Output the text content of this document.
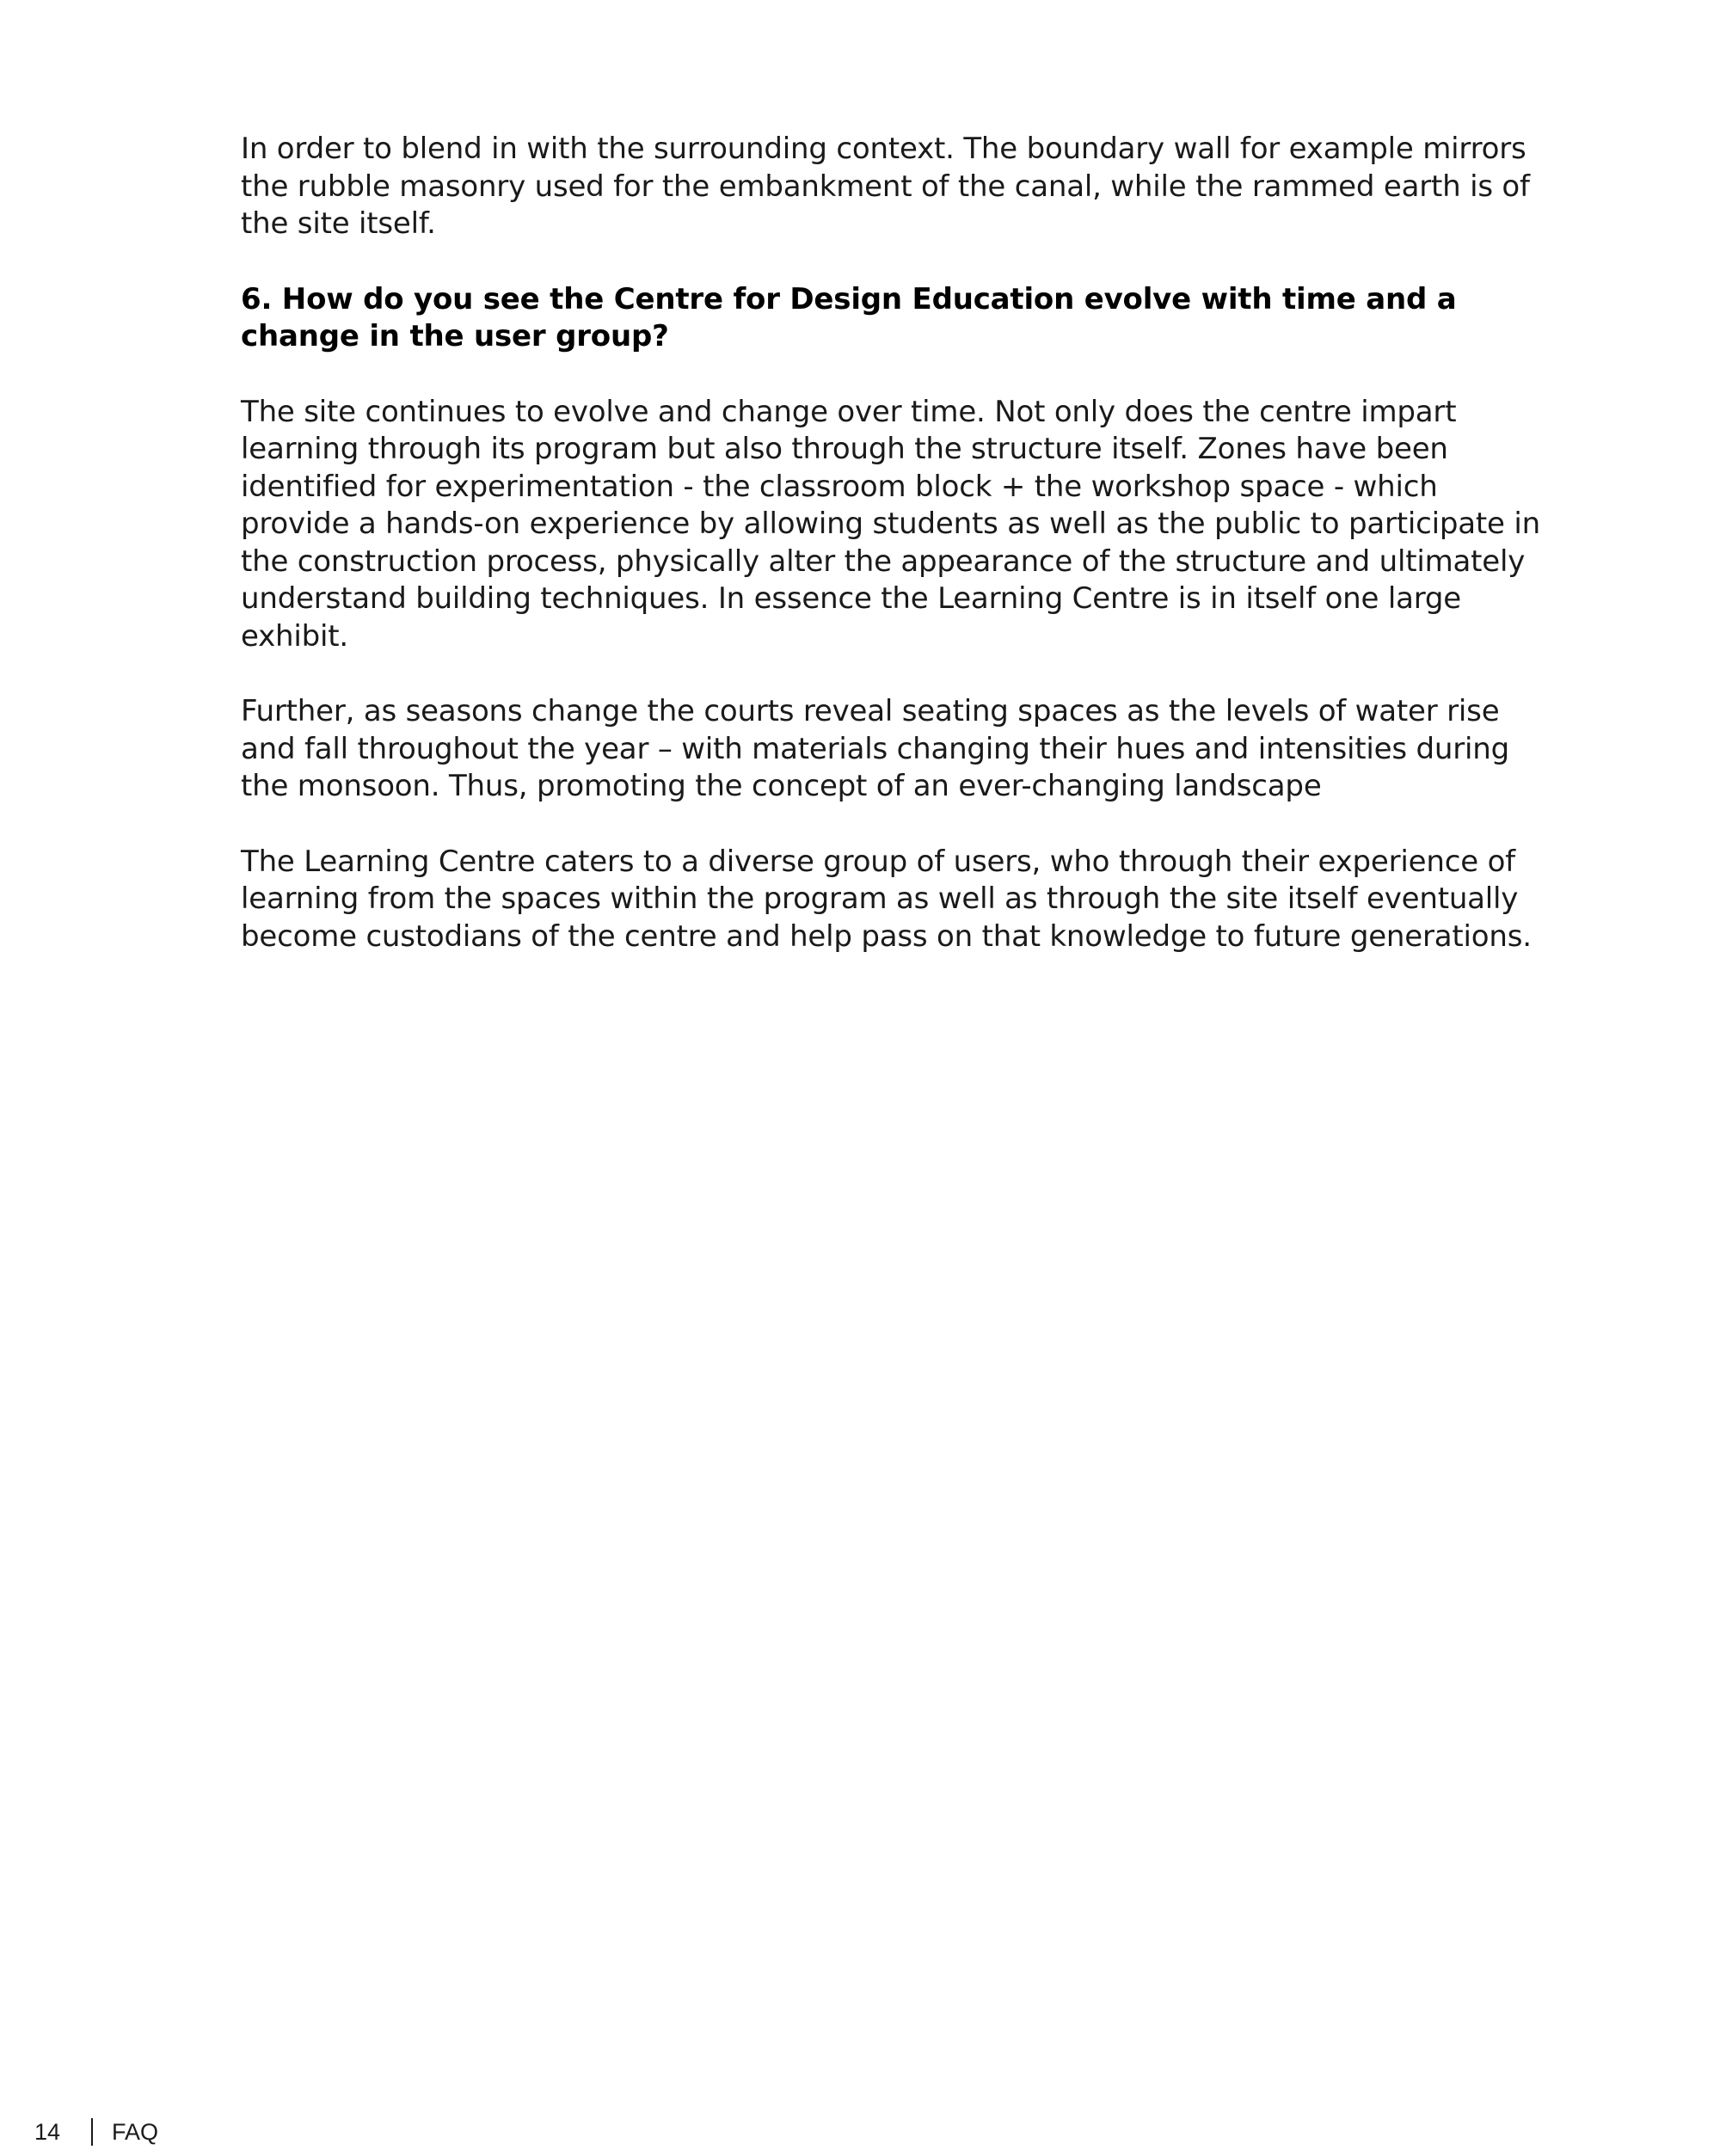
In order to blend in with the surrounding context. The boundary wall for example mirrors the rubble masonry used for the embankment of the canal, while the rammed earth is of the site itself.

6. How do you see the Centre for Design Education evolve with time and a change in the user group?

The site continues to evolve and change over time. Not only does the centre impart learning through its program but also through the structure itself. Zones have been identified for experimentation - the classroom block + the workshop space - which provide a hands-on experience by allowing students as well as the public to participate in the construction process, physically alter the appearance of the structure and ultimately understand building techniques. In essence the Learning Centre is in itself one large exhibit.

Further, as seasons change the courts reveal seating spaces as the levels of water rise and fall throughout the year – with materials changing their hues and intensities during the monsoon. Thus, promoting the concept of an ever-changing landscape

The Learning Centre caters to a diverse group of users, who through their experience of learning from the spaces within the program as well as through the site itself eventually become custodians of the centre and help pass on that knowledge to future generations.

14 FAQ
